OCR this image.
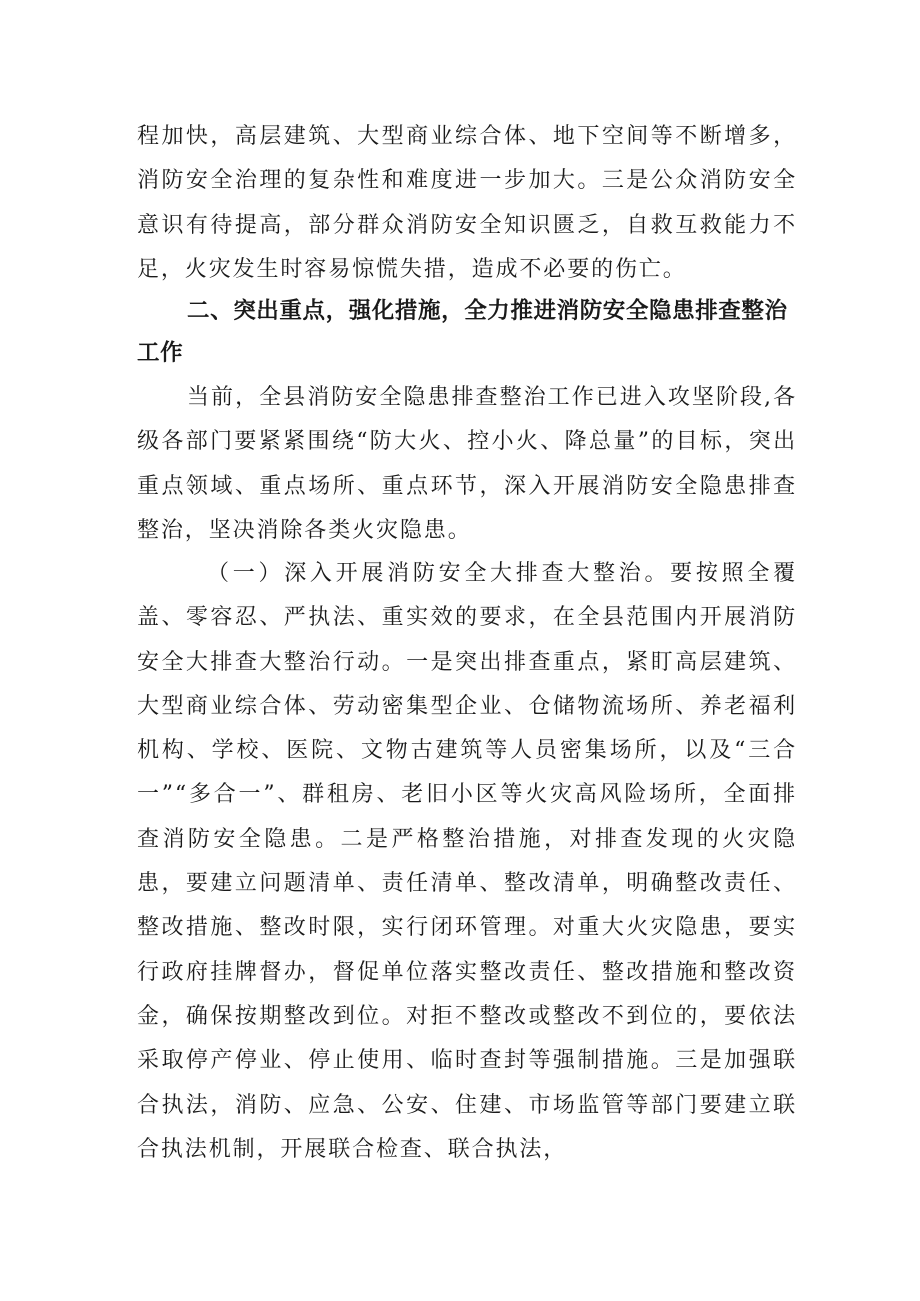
程加快，高层建筑、大型商业综合体、地下空间等不断增多，消防安全治理的复杂性和难度进一步加大。三是公众消防安全意识有待提高，部分群众消防安全知识匮乏，自救互救能力不足，火灾发生时容易惊慌失措，造成不必要的伤亡。

二、突出重点，强化措施，全力推进消防安全隐患排查整治工作

当前，全县消防安全隐患排查整治工作已进入攻坚阶段,各级各部门要紧紧围绕“防大火、控小火、降总量”的目标，突出重点领域、重点场所、重点环节，深入开展消防安全隐患排查整治，坚决消除各类火灾隐患。

（一）深入开展消防安全大排查大整治。要按照全覆盖、零容忍、严执法、重实效的要求，在全县范围内开展消防安全大排查大整治行动。一是突出排查重点，紧盯高层建筑、大型商业综合体、劳动密集型企业、仓储物流场所、养老福利机构、学校、医院、文物古建筑等人员密集场所，以及“三合一”“多合一”、群租房、老旧小区等火灾高风险场所，全面排查消防安全隐患。二是严格整治措施，对排查发现的火灾隐患，要建立问题清单、责任清单、整改清单，明确整改责任、整改措施、整改时限，实行闭环管理。对重大火灾隐患，要实行政府挂牌督办，督促单位落实整改责任、整改措施和整改资金，确保按期整改到位。对拒不整改或整改不到位的，要依法采取停产停业、停止使用、临时查封等强制措施。三是加强联合执法，消防、应急、公安、住建、市场监管等部门要建立联合执法机制，开展联合检查、联合执法，
